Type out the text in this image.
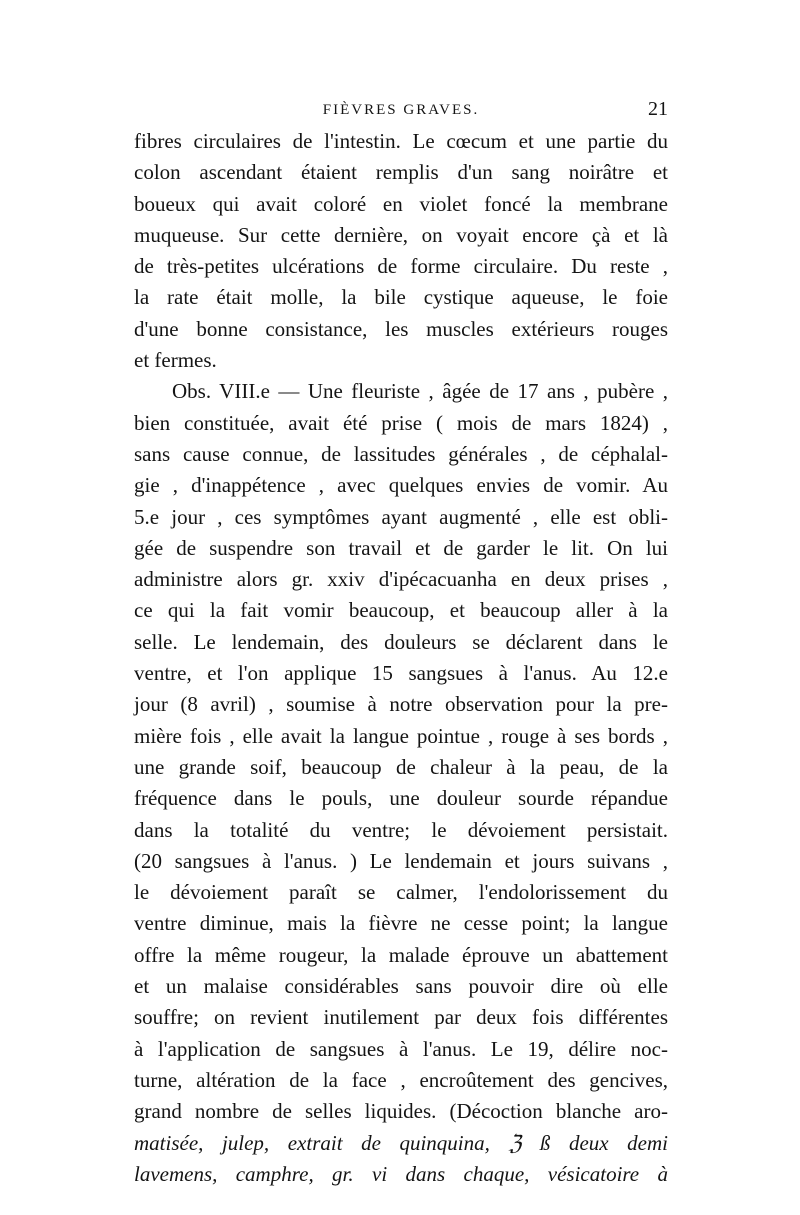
FIÈVRES GRAVES.	21
fibres circulaires de l'intestin. Le cœcum et une partie du
colon ascendant étaient remplis d'un sang noirâtre et
boueux qui avait coloré en violet foncé la membrane
muqueuse. Sur cette dernière, on voyait encore çà et là
de très-petites ulcérations de forme circulaire. Du reste ,
la rate était molle, la bile cystique aqueuse, le foie
d'une bonne consistance, les muscles extérieurs rouges
et fermes.
Obs. VIII.e — Une fleuriste , âgée de 17 ans , pubère ,
bien constituée, avait été prise ( mois de mars 1824) ,
sans cause connue, de lassitudes générales , de céphalal-
gie , d'inappétence , avec quelques envies de vomir. Au
5.e jour , ces symptômes ayant augmenté , elle est obli-
gée de suspendre son travail et de garder le lit. On lui
administre alors gr. xxiv d'ipécacuanha en deux prises ,
ce qui la fait vomir beaucoup, et beaucoup aller à la
selle. Le lendemain, des douleurs se déclarent dans le
ventre, et l'on applique 15 sangsues à l'anus. Au 12.e
jour (8 avril) , soumise à notre observation pour la pre-
mière fois , elle avait la langue pointue , rouge à ses bords ,
une grande soif, beaucoup de chaleur à la peau, de la
fréquence dans le pouls, une douleur sourde répandue
dans la totalité du ventre; le dévoiement persistait.
(20 sangsues à l'anus. ) Le lendemain et jours suivans ,
le dévoiement paraît se calmer, l'endolorissement du
ventre diminue, mais la fièvre ne cesse point; la langue
offre la même rougeur, la malade éprouve un abattement
et un malaise considérables sans pouvoir dire où elle
souffre; on revient inutilement par deux fois différentes
à l'application de sangsues à l'anus. Le 19, délire noc-
turne, altération de la face , encroûtement des gencives,
grand nombre de selles liquides. (Décoction blanche aro-
matisée, julep, extrait de quinquina, ℨ ß deux demi
lavemens, camphre, gr. vi dans chaque, vésicatoire à
